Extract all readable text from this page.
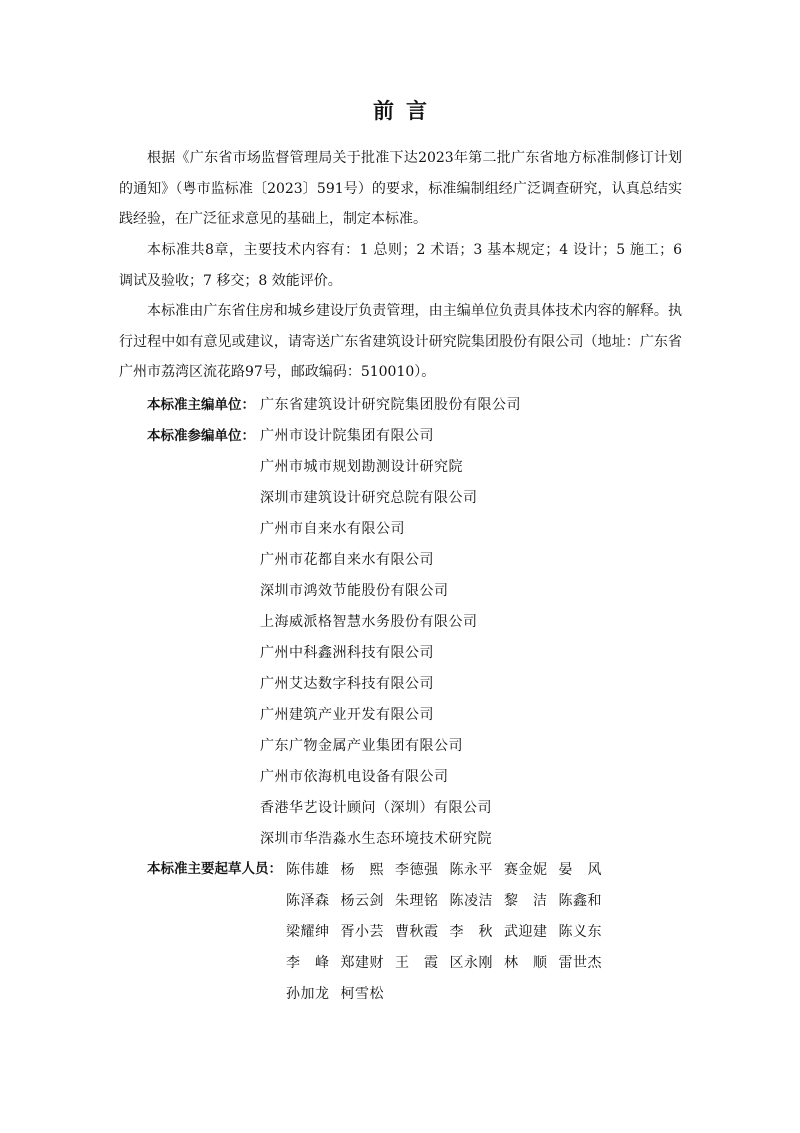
前言

根据《广东省市场监督管理局关于批准下达2023年第二批广东省地方标准制修订计划的通知》（粤市监标准〔2023〕591号）的要求，标准编制组经广泛调查研究，认真总结实践经验，在广泛征求意见的基础上，制定本标准。

本标准共8章，主要技术内容有：1 总则；2 术语；3 基本规定；4 设计；5 施工；6 调试及验收；7 移交；8 效能评价。

本标准由广东省住房和城乡建设厅负责管理，由主编单位负责具体技术内容的解释。执行过程中如有意见或建议，请寄送广东省建筑设计研究院集团股份有限公司（地址：广东省广州市荔湾区流花路97号，邮政编码：510010）。

本标准主编单位： 广东省建筑设计研究院集团股份有限公司
本标准参编单位： 广州市设计院集团有限公司
广州市城市规划勘测设计研究院
深圳市建筑设计研究总院有限公司
广州市自来水有限公司
广州市花都自来水有限公司
深圳市鸿效节能股份有限公司
上海威派格智慧水务股份有限公司
广州中科鑫洲科技有限公司
广州艾达数字科技有限公司
广州建筑产业开发有限公司
广东广物金属产业集团有限公司
广州市依海机电设备有限公司
香港华艺设计顾问（深圳）有限公司
深圳市华浩淼水生态环境技术研究院
本标准主要起草人员： 陈伟雄 杨　熙 李德强 陈永平 赛金妮 晏　风
陈泽森 杨云剑 朱理铭 陈凌洁 黎　洁 陈鑫和
梁耀绅 胥小芸 曹秋霞 李　秋 武迎建 陈义东
李　峰 郑建财 王　霞 区永刚 林　顺 雷世杰
孙加龙 柯雪松
